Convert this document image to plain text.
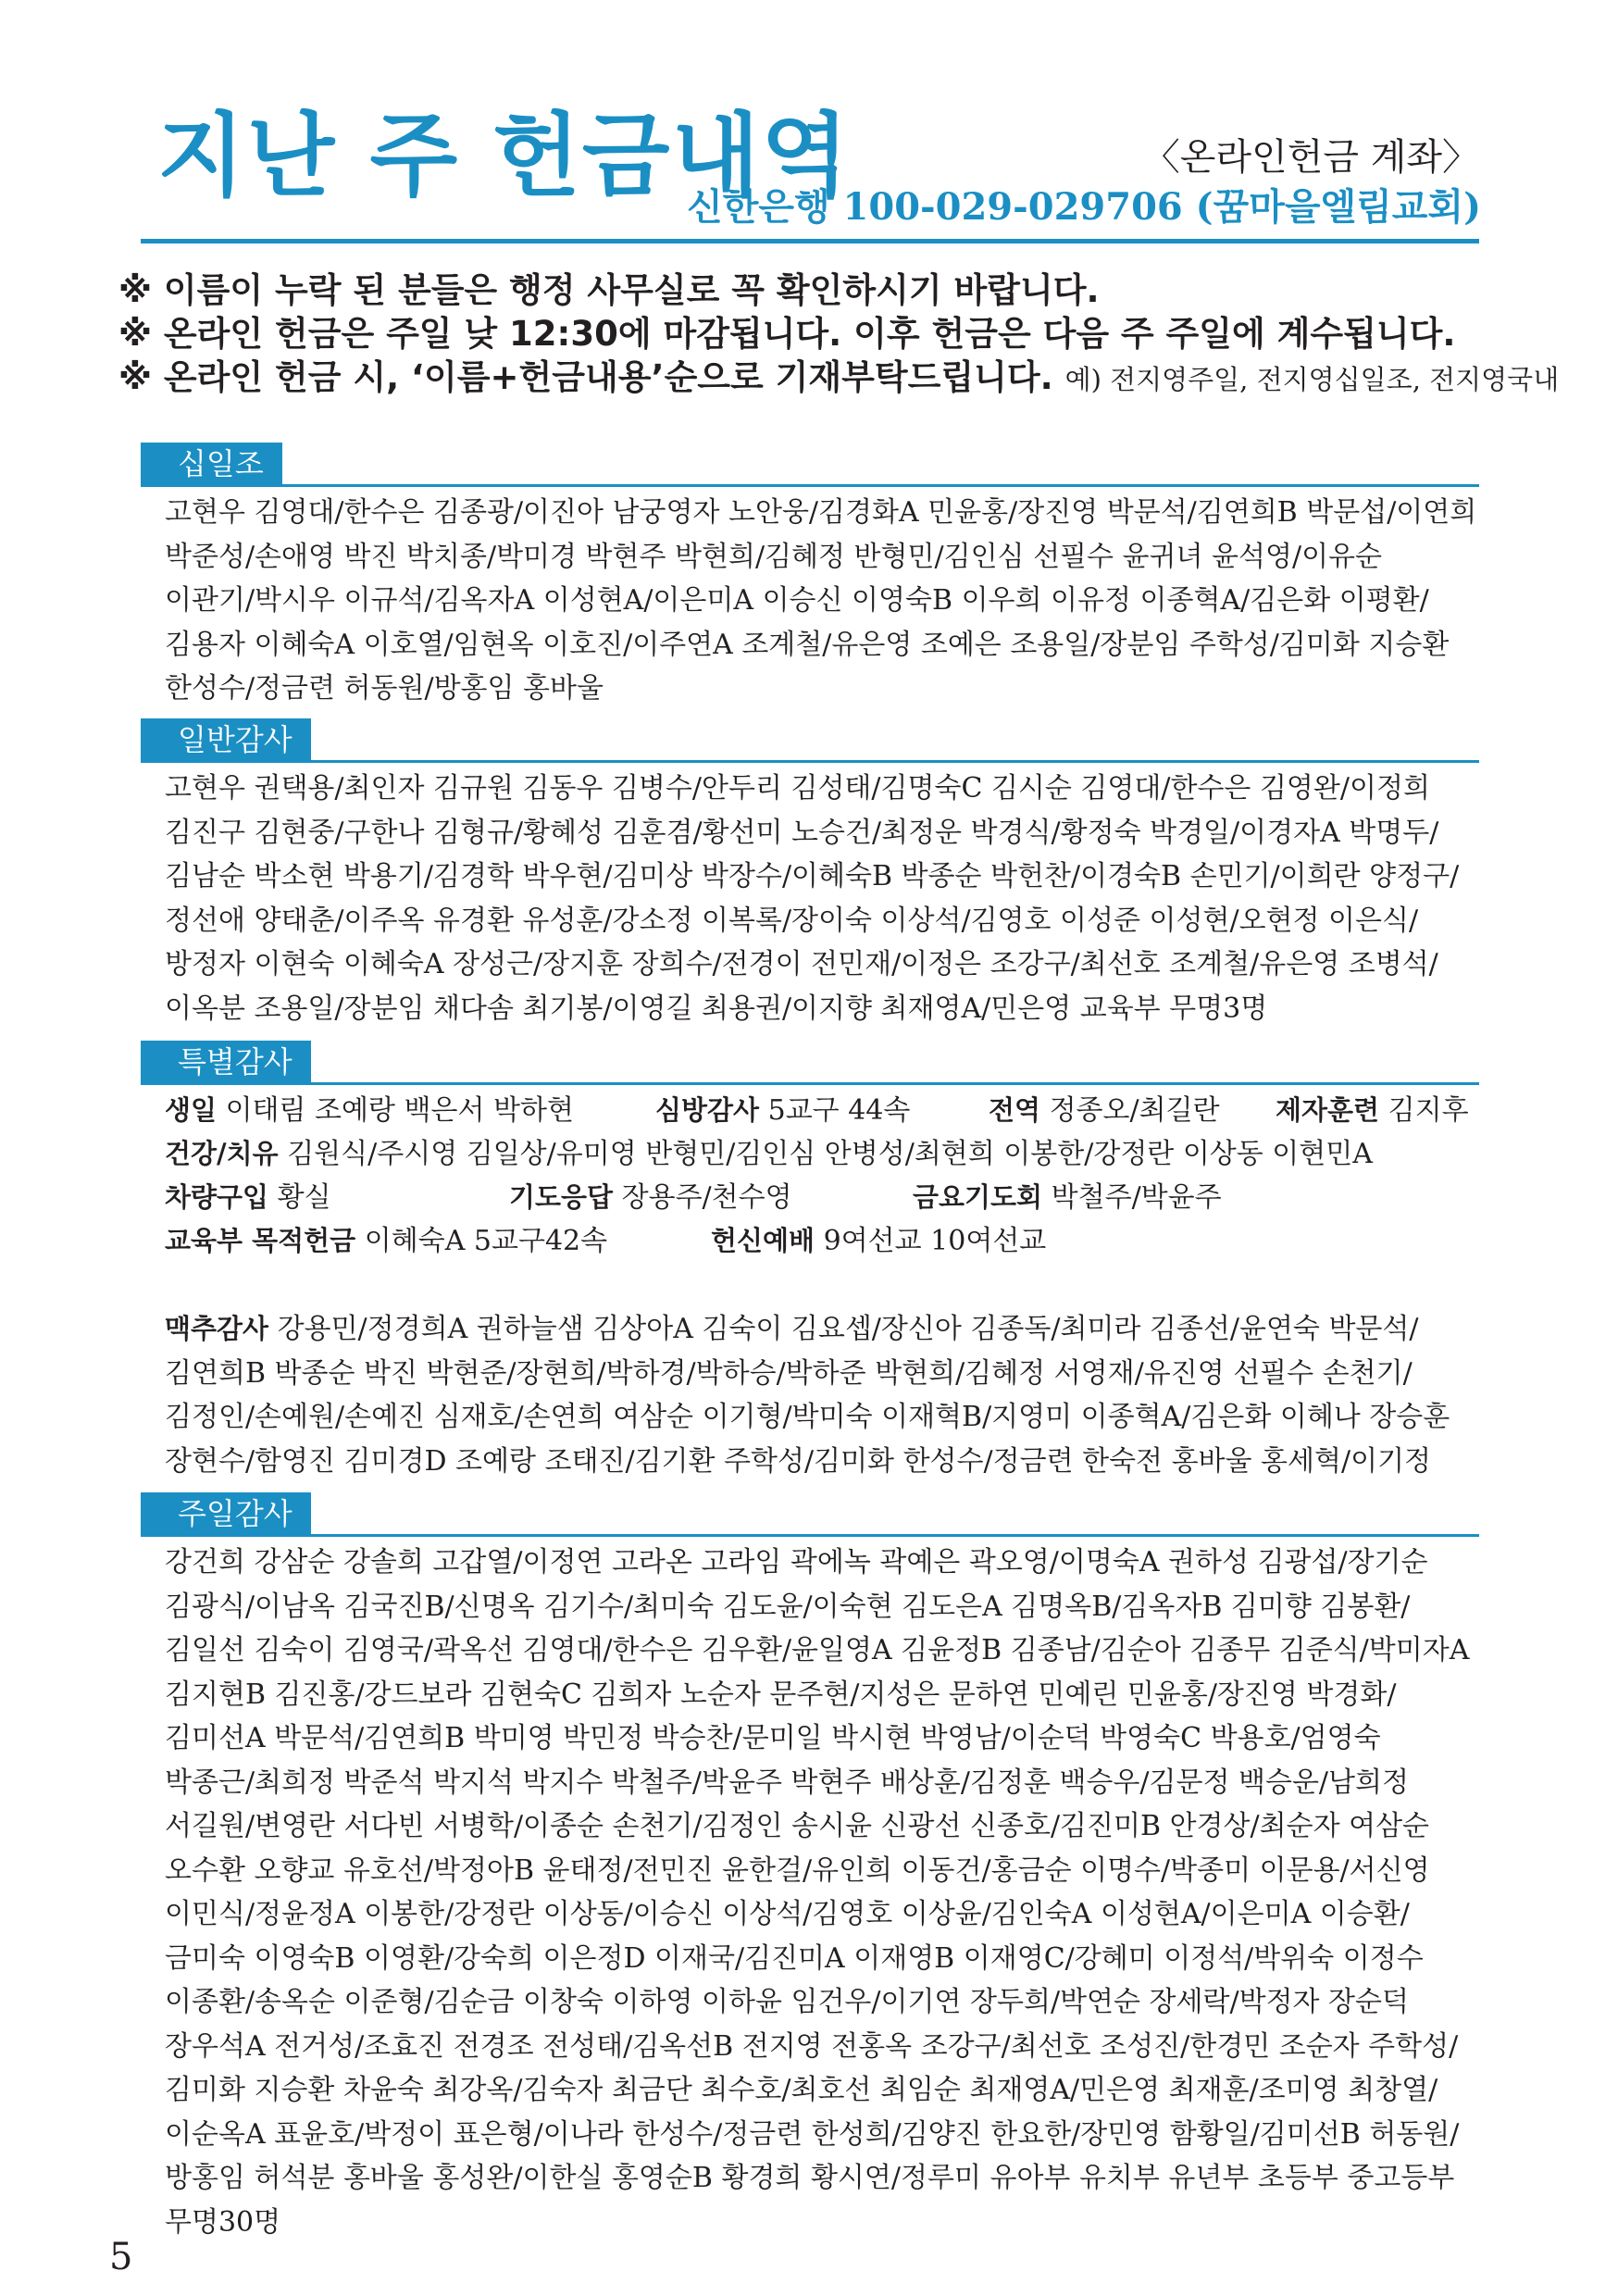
지난 주 헌금내역	〈온라인헌금 계좌〉
신한은행 100-029-029706 (꿈마을엘림교회)
※ 이름이 누락 된 분들은 행정 사무실로 꼭 확인하시기 바랍니다.
※ 온라인 헌금은 주일 낮 12:30에 마감됩니다. 이후 헌금은 다음 주 주일에 계수됩니다.
※ 온라인 헌금 시, ‘이름+헌금내용’순으로 기재부탁드립니다. 예) 전지영주일, 전지영십일조, 전지영국내
십일조
고현우 김영대/한수은 김종광/이진아 남궁영자 노안웅/김경화A 민윤홍/장진영 박문석/김연희B 박문섭/이연희 박준성/손애영 박진 박치종/박미경 박현주 박현희/김혜정 반형민/김인심 선필수 윤귀녀 윤석영/이유순 이관기/박시우 이규석/김옥자A 이성현A/이은미A 이승신 이영숙B 이우희 이유정 이종혁A/김은화 이평환/김용자 이혜숙A 이호열/임현옥 이호진/이주연A 조계철/유은영 조예은 조용일/장분임 주학성/김미화 지승환 한성수/정금련 허동원/방홍임 홍바울
일반감사
고현우 권택용/최인자 김규원 김동우 김병수/안두리 김성태/김명숙C 김시순 김영대/한수은 김영완/이정희 김진구 김현중/구한나 김형규/황혜성 김훈겸/황선미 노승건/최정운 박경식/황정숙 박경일/이경자A 박명두/김남순 박소현 박용기/김경학 박우현/김미상 박장수/이혜숙B 박종순 박헌찬/이경숙B 손민기/이희란 양정구/정선애 양태춘/이주옥 유경환 유성훈/강소정 이복록/장이숙 이상석/김영호 이성준 이성현/오현정 이은식/방정자 이현숙 이혜숙A 장성근/장지훈 장희수/전경이 전민재/이정은 조강구/최선호 조계철/유은영 조병석/이옥분 조용일/장분임 채다솜 최기봉/이영길 최용권/이지향 최재영A/민은영 교육부 무명3명
특별감사
생일 이태림 조예랑 백은서 박하현	심방감사 5교구 44속	전역 정종오/최길란 제자훈련 김지후
건강/치유 김원식/주시영 김일상/유미영 반형민/김인심 안병성/최현희 이봉한/강정란 이상동 이현민A
차량구입 황실	기도응답 장용주/천수영	금요기도회 박철주/박윤주
교육부 목적헌금 이혜숙A 5교구42속	헌신예배 9여선교 10여선교
맥추감사 강용민/정경희A 권하늘샘 김상아A 김숙이 김요셉/장신아 김종독/최미라 김종선/윤연숙 박문석/김연희B 박종순 박진 박현준/장현희/박하경/박하승/박하준 박현희/김혜정 서영재/유진영 선필수 손천기/김정인/손예원/손예진 심재호/손연희 여삼순 이기형/박미숙 이재혁B/지영미 이종혁A/김은화 이혜나 장승훈 장현수/함영진 김미경D 조예랑 조태진/김기환 주학성/김미화 한성수/정금련 한숙전 홍바울 홍세혁/이기정
주일감사
강건희 강삼순 강솔희 고갑열/이정연 고라온 고라임 곽에녹 곽예은 곽오영/이명숙A 권하성 김광섭/장기순 김광식/이남옥 김국진B/신명옥 김기수/최미숙 김도윤/이숙현 김도은A 김명옥B/김옥자B 김미향 김봉환/김일선 김숙이 김영국/곽옥선 김영대/한수은 김우환/윤일영A 김윤정B 김종남/김순아 김종무 김준식/박미자A 김지현B 김진홍/강드보라 김현숙C 김희자 노순자 문주현/지성은 문하연 민예린 민윤홍/장진영 박경화/김미선A 박문석/김연희B 박미영 박민정 박승찬/문미일 박시현 박영남/이순덕 박영숙C 박용호/엄영숙 박종근/최희정 박준석 박지석 박지수 박철주/박윤주 박현주 배상훈/김정훈 백승우/김문정 백승운/남희정 서길원/변영란 서다빈 서병학/이종순 손천기/김정인 송시윤 신광선 신종호/김진미B 안경상/최순자 여삼순 오수환 오향교 유호선/박정아B 윤태정/전민진 윤한걸/유인희 이동건/홍금순 이명수/박종미 이문용/서신영 이민식/정윤정A 이봉한/강정란 이상동/이승신 이상석/김영호 이상윤/김인숙A 이성현A/이은미A 이승환/금미숙 이영숙B 이영환/강숙희 이은정D 이재국/김진미A 이재영B 이재영C/강혜미 이정석/박위숙 이정수 이종환/송옥순 이준형/김순금 이창숙 이하영 이하윤 임건우/이기연 장두희/박연순 장세락/박정자 장순덕 장우석A 전거성/조효진 전경조 전성태/김옥선B 전지영 전홍옥 조강구/최선호 조성진/한경민 조순자 주학성/김미화 지승환 차윤숙 최강옥/김숙자 최금단 최수호/최호선 최임순 최재영A/민은영 최재훈/조미영 최창열/이순옥A 표윤호/박정이 표은형/이나라 한성수/정금련 한성희/김양진 한요한/장민영 함황일/김미선B 허동원/방홍임 허석분 홍바울 홍성완/이한실 홍영순B 황경희 황시연/정루미 유아부 유치부 유년부 초등부 중고등부 무명30명
5
